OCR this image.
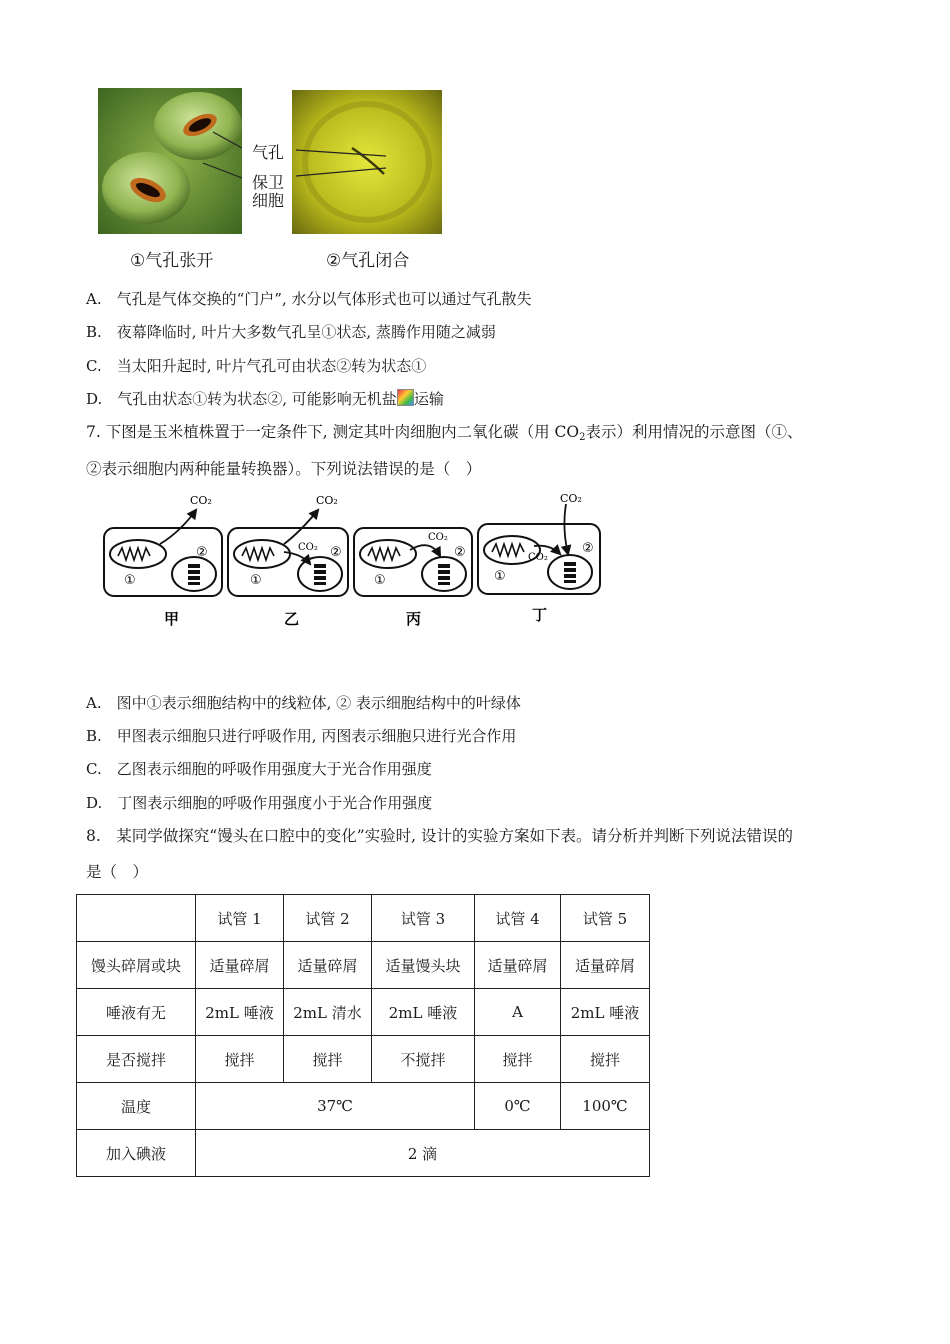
气孔
保卫
细胞
①气孔张开	②气孔闭合
A.　气孔是气体交换的“门户”, 水分以气体形式也可以通过气孔散失
B.　夜幕降临时, 叶片大多数气孔呈①状态, 蒸腾作用随之减弱
C.　当太阳升起时, 叶片气孔可由状态②转为状态①
D.　气孔由状态①转为状态②, 可能影响无机盐 运输
7. 下图是玉米植株置于一定条件下, 测定其叶肉细胞内二氧化碳（用 $CO_2$表示）利用情况的示意图（①、
②表示细胞内两种能量转换器）。下列说法错误的是（　）
CO₂
①
②
甲
CO₂
CO₂
①
②
乙
CO₂
①
②
丙
CO₂
CO₂
①
②
丁
A.　图中①表示细胞结构中的线粒体, ② 表示细胞结构中的叶绿体
B.　甲图表示细胞只进行呼吸作用, 丙图表示细胞只进行光合作用
C.　乙图表示细胞的呼吸作用强度大于光合作用强度
D.　丁图表示细胞的呼吸作用强度小于光合作用强度
8.　某同学做探究“馒头在口腔中的变化”实验时, 设计的实验方案如下表。请分析并判断下列说法错误的
是（　）
	试管 1	试管 2	试管 3	试管 4	试管 5
馒头碎屑或块	适量碎屑	适量碎屑	适量馒头块	适量碎屑	适量碎屑
唾液有无	2mL 唾液	2mL 清水	2mL 唾液	A	2mL 唾液
是否搅拌	搅拌	搅拌	不搅拌	搅拌	搅拌
温度	37℃			0℃	100℃
加入碘液	2 滴				
